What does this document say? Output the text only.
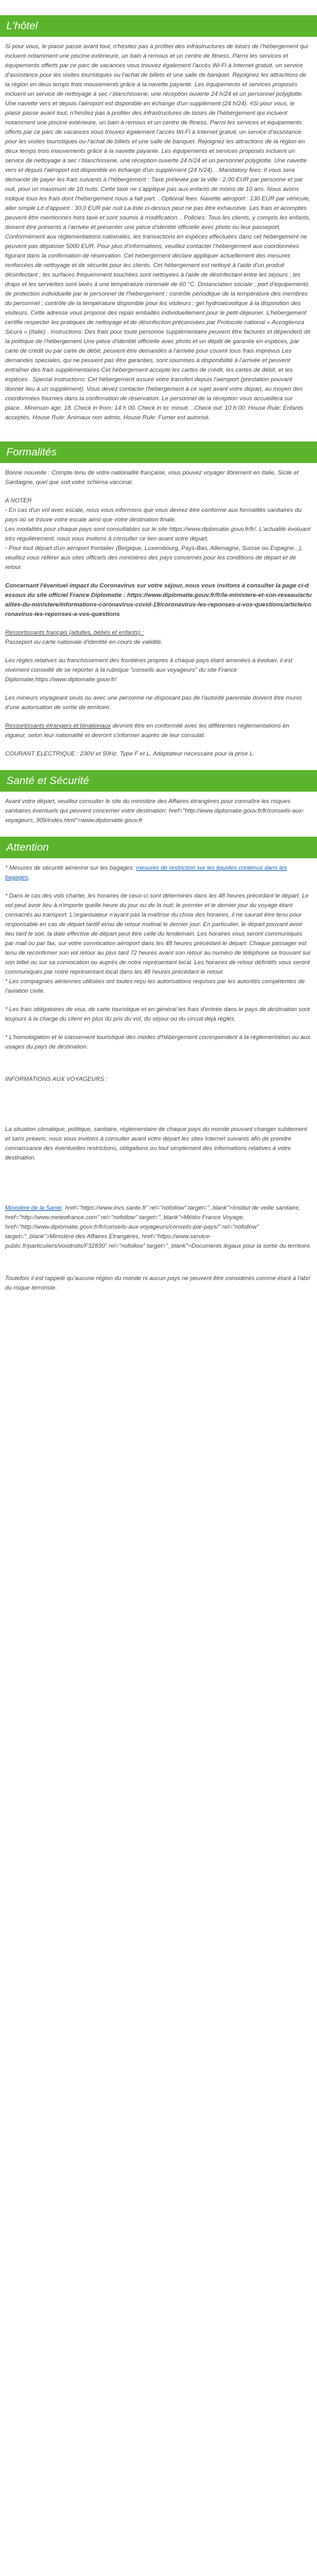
L'hôtel

Si pour vous, le plaisir passe avant tout, n'hésitez pas à profiter des infrastructures de loisirs de l'hébergement qui incluent notamment une piscine extérieure, un bain à remous et un centre de fitness. Parmi les services et équipements offerts par ce parc de vacances vous trouvez également l'accès Wi-Fi à Internet gratuit, un service d'assistance pour les visites touristiques ou l'achat de billets et une salle de banquet. Rejoignez les attractions de la région en deux temps trois mouvements grâce à la navette payante. Les équipements et services proposés incluent un service de nettoyage à sec / blanchisserie, une réception ouverte 24 h/24 et un personnel polyglotte. Une navette vers et depuis l'aéroport est disponible en échange d'un supplément (24 h/24). #Si pour vous, le plaisir passe avant tout, n'hésitez pas à profiter des infrastructures de loisirs de l'hébergement qui incluent notamment une piscine extérieure, un bain à remous et un centre de fitness. Parmi les services et équipements offerts par ce parc de vacances vous trouvez également l'accès Wi-Fi à Internet gratuit, un service d'assistance pour les visites touristiques ou l'achat de billets et une salle de banquet. Rejoignez les attractions de la région en deux temps trois mouvements grâce à la navette payante. Les équipements et services proposés incluent un service de nettoyage à sec / blanchisserie, une réception ouverte 24 h/24 et un personnel polyglotte. Une navette vers et depuis l'aéroport est disponible en échange d'un supplément (24 h/24). . Mandatory fees: Il vous sera demandé de payer les frais suivants à l'hébergement : Taxe prélevée par la ville : 2,00 EUR par personne et par nuit, pour un maximum de 10 nuits. Cette taxe ne s'applique pas aux enfants de moins de 10 ans. Nous avons indiqué tous les frais dont l'hébergement nous a fait part. . Optional fees: Navette aéroport : 130 EUR par véhicule, aller simple Lit d'appoint : 30,0 EUR par nuit La liste ci-dessus peut ne pas être exhaustive. Les frais et acomptes peuvent être mentionnés hors taxe et sont soumis à modification. . Policies: Tous les clients, y compris les enfants, doivent être présents à l'arrivée et présenter une pièce d'identité officielle avec photo ou leur passeport. Conformément aux réglementations nationales, les transactions en espèces effectuées dans cet hébergement ne peuvent pas dépasser 5000 EUR. Pour plus d'informations, veuillez contacter l'hébergement aux coordonnées figurant dans la confirmation de réservation. Cet hébergement déclare appliquer actuellement des mesures renforcées de nettoyage et de sécurité pour les clients. Cet hébergement est nettoyé à l'aide d'un produit désinfectant ; les surfaces fréquemment touchées sont nettoyées à l'aide de désinfectant entre les séjours ; les draps et les serviettes sont lavés à une température minimale de 60 °C. Distanciation sociale ; port d'équipements de protection individuelle par le personnel de l'hébergement ; contrôle périodique de la température des membres du personnel ; contrôle de la température disponible pour les visiteurs ; gel hydroalcoolique à la disposition des visiteurs. Cette adresse vous propose des repas emballés individuellement pour le petit-déjeuner. L'hébergement certifie respecter les pratiques de nettoyage et de désinfection préconisées par Protocole national « Accoglienza Sicura » (Italie) . Instructions: Des frais pour toute personne supplémentaire peuvent être facturés et dépendent de la politique de l'hébergement Une pièce d'identité officielle avec photo et un dépôt de garantie en espèces, par carte de crédit ou par carte de débit, peuvent être demandés à l'arrivée pour couvrir tous frais imprévus Les demandes spéciales, qui ne peuvent pas être garanties, sont soumises à disponibilité à l'arrivée et peuvent entraîner des frais supplémentaires Cet hébergement accepte les cartes de crédit, les cartes de débit, et les espèces . Special instructions: Cet hébergement assure votre transfert depuis l'aéroport (prestation pouvant donner lieu à un supplément). Vous devez contacter l'hébergement à ce sujet avant votre départ, au moyen des coordonnées fournies dans la confirmation de réservation. Le personnel de la réception vous accueillera sur place.. Minimum age: 18. Check in from: 14 h 00. Check in to: minuit. . Check out: 10 h 00. House Rule: Enfants acceptés. House Rule: Animaux non admis. House Rule: Fumer est autorisé.

Formalités

Bonne nouvelle : Compte tenu de votre nationalité française, vous pouvez voyager librement en Italie, Sicile et Sardaigne, quel que soit votre schéma vaccinal.

A NOTER

- En cas d'un vol avec escale, nous vous informons que vous devrez être conforme aux formalités sanitaires du pays où se trouve votre escale ainsi que votre destination finale.
Les modalités pour chaque pays sont consultables sur le site https://www.diplomatie.gouv.fr/fr/. L'actualité évoluant très régulièrement, nous vous invitons à consulter ce lien avant votre départ.
- Pour tout départ d'un aéroport frontalier (Belgique, Luxembourg, Pays-Bas, Allemagne, Suisse ou Espagne...), veuillez vous référer aux sites officiels des ministères des pays concernés pour les conditions de départ et de retour.

Concernant l'éventuel impact du Coronavirus sur votre séjour, nous vous invitons à consulter la page ci-dessous du site officiel France Diplomatie : https://www.diplomatie.gouv.fr/fr/le-ministere-et-son-reseau/actualites-du-ministere/informations-coronavirus-covid-19/coronavirus-les-reponses-a-vos-questions/article/coronavirus-les-reponses-a-vos-questions

Ressortissants français (adultes, bébés et enfants) :

Passeport ou carte nationale d'identité en cours de validité.

Les règles relatives au franchissement des frontières propres à chaque pays étant amenées à évoluer, il est vivement conseillé de se reporter à la rubrique "conseils aux voyageurs" du site France Diplomatie,https://www.diplomatie.gouv.fr/.

Les mineurs voyageant seuls ou avec une personne ne disposant pas de l'autorité parentale doivent être munis d'une autorisation de sortie de territoire.

Ressortissants étrangers et binationaux devront être en conformité avec les différentes réglementations en vigueur, selon leur nationalité et devront s'informer auprès de leur consulat.

COURANT ELECTRIQUE : 230V et 50Hz. Type F et L. Adaptateur nécessaire pour la prise L.

Santé et Sécurité

Avant votre départ, veuillez consulter le site du ministère des Affaires étrangères pour connaître les risques sanitaires éventuels qui peuvent concerner votre destination: href="http://www.diplomatie.gouv.fr/fr/conseils-aux-voyageurs_909/index.html">www.diplomatie.gouv.fr

Attention

* Mesures de sécurité aérienne sur les bagages: mesures de restriction sur les liquides contenus dans les bagages.

* Dans le cas des vols charter, les horaires de ceux-ci sont déterminés dans les 48 heures précédant le départ. Le vol peut avoir lieu à n'importe quelle heure du jour ou de la nuit; le premier et le dernier jour du voyage étant consacrés au transport. L'organisateur n'ayant pas la maîtrise du choix des horaires, il ne saurait être tenu pour responsable en cas de départ tardif et/ou de retour matinal le dernier jour. En particulier, le départ pouvant avoir lieu tard le soir, la date effective de départ peut être celle du lendemain. Les horaires vous seront communiqués par mail ou par fax, sur votre convocation aéroport dans les 48 heures précédant le départ. Chaque passager est tenu de reconfirmer son vol retour au plus tard 72 heures avant son retour au numéro de téléphone se trouvant sur son billet ou sur sa convocation ou auprès de notre représentant local. Les horaires de retour définitifs vous seront communiqués par notre représentant local dans les 48 heures précédant le retour.
* Les compagnies aériennes utilisées ont toutes reçu les autorisations requises par les autorités compétentes de l'aviation civile.

* Les frais obligatoires de visa, de carte touristique et en général les frais d'entrée dans le pays de destination sont toujours à la charge du client en plus du prix du vol, du séjour ou du circuit déjà réglés.

* L'homologation et le classement touristique des modes d'hébergement correspondent à la réglementation ou aux usages du pays de destination.

INFORMATIONS AUX VOYAGEURS :

La situation climatique, politique, sanitaire, réglementaire de chaque pays du monde pouvant changer subitement et sans préavis, nous vous invitons à consulter avant votre départ les sites Internet suivants afin de prendre connaissance des éventuelles restrictions, obligations ou tout simplement des informations relatives à votre destination.

Ministère de la Santé. href="https://www.invs.sante.fr" rel="nofollow" target="_blank">Institut de veille sanitaire, href="http://www.meteofrance.com" rel="nofollow" target="_blank">Météo France Voyage, href="http://www.diplomatie.gouv.fr/fr/conseils-aux-voyageurs/conseils-par-pays/" rel="nofollow" target="_blank">Ministère des Affaires Etrangères, href="https://www.service-public.fr/particuliers/vosdroits/F32830" rel="nofollow" target="_blank">Documents légaux pour la sortie du territoire.

Toutefois il est rappelé qu'aucune région du monde ni aucun pays ne peuvent être considérés comme étant à l'abri du risque terroriste.
